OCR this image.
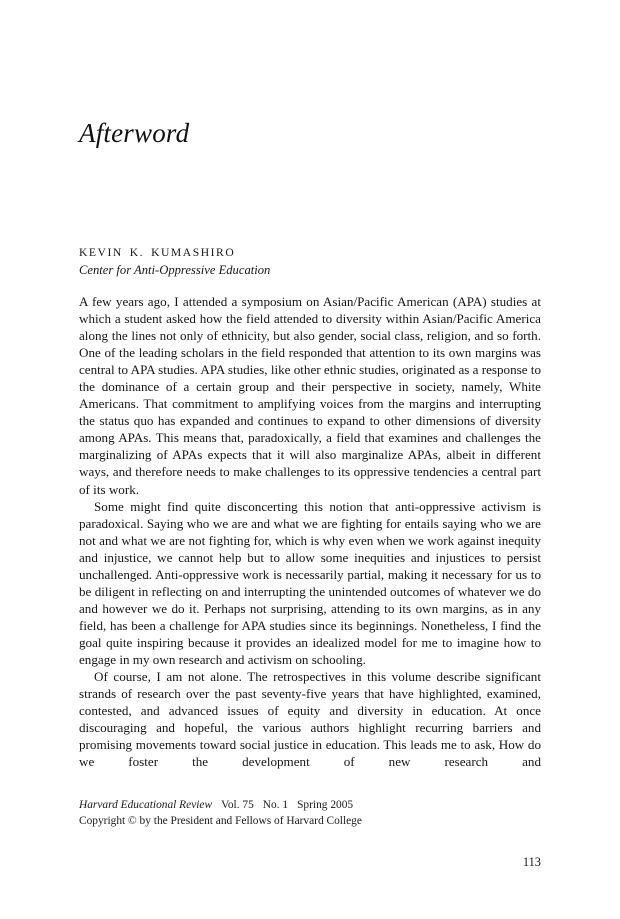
Afterword
KEVIN K. KUMASHIRO
Center for Anti-Oppressive Education

A few years ago, I attended a symposium on Asian/Pacific American (APA) studies at which a student asked how the field attended to diversity within Asian/Pacific America along the lines not only of ethnicity, but also gender, social class, religion, and so forth. One of the leading scholars in the field responded that attention to its own margins was central to APA studies. APA studies, like other ethnic studies, originated as a response to the dominance of a certain group and their perspective in society, namely, White Americans. That commitment to amplifying voices from the margins and interrupting the status quo has expanded and continues to expand to other dimensions of diversity among APAs. This means that, paradoxically, a field that examines and challenges the marginalizing of APAs expects that it will also marginalize APAs, albeit in different ways, and therefore needs to make challenges to its oppressive tendencies a central part of its work.

Some might find quite disconcerting this notion that anti-oppressive activism is paradoxical. Saying who we are and what we are fighting for entails saying who we are not and what we are not fighting for, which is why even when we work against inequity and injustice, we cannot help but to allow some inequities and injustices to persist unchallenged. Anti-oppressive work is necessarily partial, making it necessary for us to be diligent in reflecting on and interrupting the unintended outcomes of whatever we do and however we do it. Perhaps not surprising, attending to its own margins, as in any field, has been a challenge for APA studies since its beginnings. Nonetheless, I find the goal quite inspiring because it provides an idealized model for me to imagine how to engage in my own research and activism on schooling.

Of course, I am not alone. The retrospectives in this volume describe significant strands of research over the past seventy-five years that have highlighted, examined, contested, and advanced issues of equity and diversity in education. At once discouraging and hopeful, the various authors highlight recurring barriers and promising movements toward social justice in education. This leads me to ask, How do we foster the development of new research and

Harvard Educational Review Vol. 75 No. 1 Spring 2005
Copyright © by the President and Fellows of Harvard College
113
